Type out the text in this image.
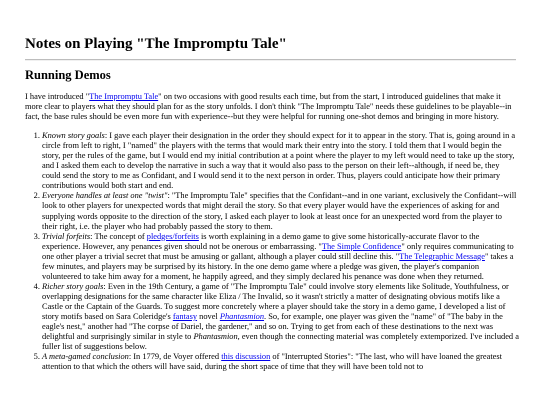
Notes on Playing "The Impromptu Tale"
Running Demos

I have introduced "The Impromptu Tale" on two occasions with good results each time, but from the start, I introduced guidelines that make it more clear to players what they should plan for as the story unfolds. I don't think "The Impromptu Tale" needs these guidelines to be playable--in fact, the base rules should be even more fun with experience--but they were helpful for running one-shot demos and bringing in more history.

1. Known story goals: I gave each player their designation in the order they should expect for it to appear in the story. That is, going around in a circle from left to right, I "named" the players with the terms that would mark their entry into the story. I told them that I would begin the story, per the rules of the game, but I would end my initial contribution at a point where the player to my left would need to take up the story, and I asked them each to develop the narrative in such a way that it would also pass to the person on their left--although, if need be, they could send the story to me as Confidant, and I would send it to the next person in order. Thus, players could anticipate how their primary contributions would both start and end.
2. Everyone handles at least one "twist": "The Impromptu Tale" specifies that the Confidant--and in one variant, exclusively the Confidant--will look to other players for unexpected words that might derail the story. So that every player would have the experiences of asking for and supplying words opposite to the direction of the story, I asked each player to look at least once for an unexpected word from the player to their right, i.e. the player who had probably passed the story to them.
3. Trivial forfeits: The concept of pledges/forfeits is worth explaining in a demo game to give some historically-accurate flavor to the experience. However, any penances given should not be onerous or embarrassing. "The Simple Confidence" only requires communicating to one other player a trivial secret that must be amusing or gallant, although a player could still decline this. "The Telegraphic Message" takes a few minutes, and players may be surprised by its history. In the one demo game where a pledge was given, the player's companion volunteered to take him away for a moment, he happily agreed, and they simply declared his penance was done when they returned.
4. Richer story goals: Even in the 19th Century, a game of "The Impromptu Tale" could involve story elements like Solitude, Youthfulness, or overlapping designations for the same character like Eliza / The Invalid, so it wasn't strictly a matter of designating obvious motifs like a Castle or the Captain of the Guards. To suggest more concretely where a player should take the story in a demo game, I developed a list of story motifs based on Sara Coleridge's fantasy novel Phantasmion. So, for example, one player was given the "name" of "The baby in the eagle's nest," another had "The corpse of Dariel, the gardener," and so on. Trying to get from each of these destinations to the next was delightful and surprisingly similar in style to Phantasmion, even though the connecting material was completely extemporized. I've included a fuller list of suggestions below.
5. A meta-gamed conclusion: In 1779, de Voyer offered this discussion of "Interrupted Stories": "The last, who will have loaned the greatest attention to that which the others will have said, during the short space of time that they will have been told not to
